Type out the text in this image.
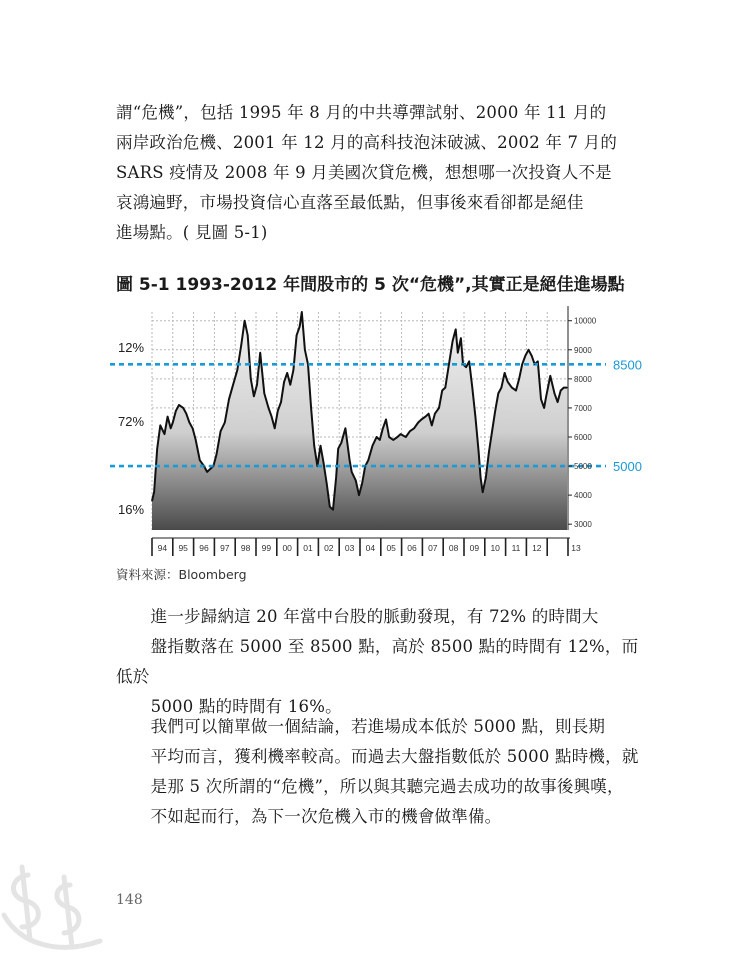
謂“危機”，包括 1995 年 8 月的中共導彈試射、2000 年 11 月的

兩岸政治危機、2001 年 12 月的高科技泡沫破滅、2002 年 7 月的

SARS 疫情及 2008 年 9 月美國次貸危機，想想哪一次投資人不是

哀鴻遍野，市場投資信心直落至最低點，但事後來看卻都是絕佳

進場點。( 見圖 5-1)

圖 5-1 1993-2012 年間股市的 5 次“危機”,其實正是絕佳進場點
8500
5000
3000
4000
5000
6000
7000
8000
9000
10000
94 95 96 97 98 99 00 01 02 03 04 05 06 07 08 09 10 11 12	13
12%
72%
16%
資料來源：Bloomberg

進一步歸納這 20 年當中台股的脈動發現，有 72% 的時間大

盤指數落在 5000 至 8500 點，高於 8500 點的時間有 12%，而低於

5000 點的時間有 16%。

我們可以簡單做一個結論，若進場成本低於 5000 點，則長期

平均而言，獲利機率較高。而過去大盤指數低於 5000 點時機，就

是那 5 次所謂的“危機”，所以與其聽完過去成功的故事後興嘆，

不如起而行，為下一次危機入市的機會做準備。

148
